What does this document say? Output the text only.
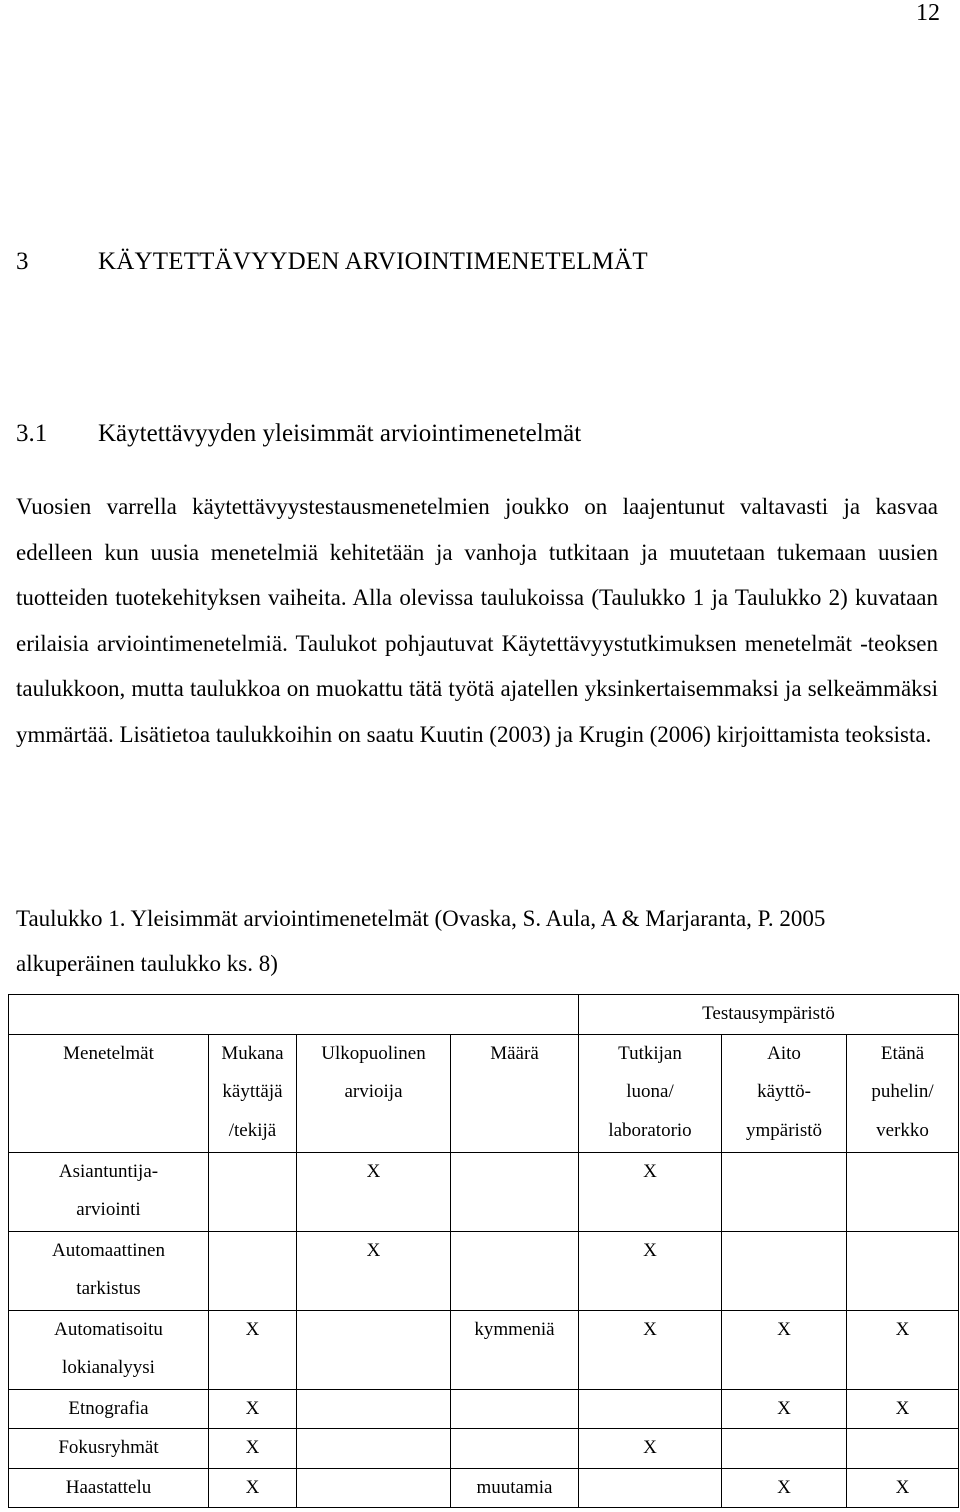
12
3	KÄYTETTÄVYYDEN ARVIOINTIMENETELMÄT
3.1 Käytettävyyden yleisimmät arviointimenetelmät

Vuosien varrella käytettävyystestausmenetelmien joukko on laajentunut valtavasti ja kasvaa edelleen kun uusia menetelmiä kehitetään ja vanhoja tutkitaan ja muutetaan tukemaan uusien tuotteiden tuotekehityksen vaiheita. Alla olevissa taulukoissa (Taulukko 1 ja Taulukko 2) kuvataan erilaisia arviointimenetelmiä. Taulukot pohjautuvat Käytettävyystutkimuksen menetelmät -teoksen taulukkoon, mutta taulukkoa on muokattu tätä työtä ajatellen yksinkertaisemmaksi ja selkeämmäksi ymmärtää. Lisätietoa taulukkoihin on saatu Kuutin (2003) ja Krugin (2006) kirjoittamista teoksista.

Taulukko 1. Yleisimmät arviointimenetelmät (Ovaska, S. Aula, A & Marjaranta, P. 2005 alkuperäinen taulukko ks. 8)

				Testausympäristö		
Menetelmät	Mukana
käyttäjä
/tekijä	Ulkopuolinen
arvioija	Määrä	Tutkijan
luona/
laboratorio	Aito
käyttö-
ympäristö	Etänä
puhelin/
verkko
Asiantuntija-
arviointi		X		X		
Automaattinen
tarkistus		X		X		
Automatisoitu
lokianalyysi	X		kymmeniä	X	X	X
Etnografia	X				X	X
Fokusryhmät	X			X		
Haastattelu	X		muutamia		X	X
